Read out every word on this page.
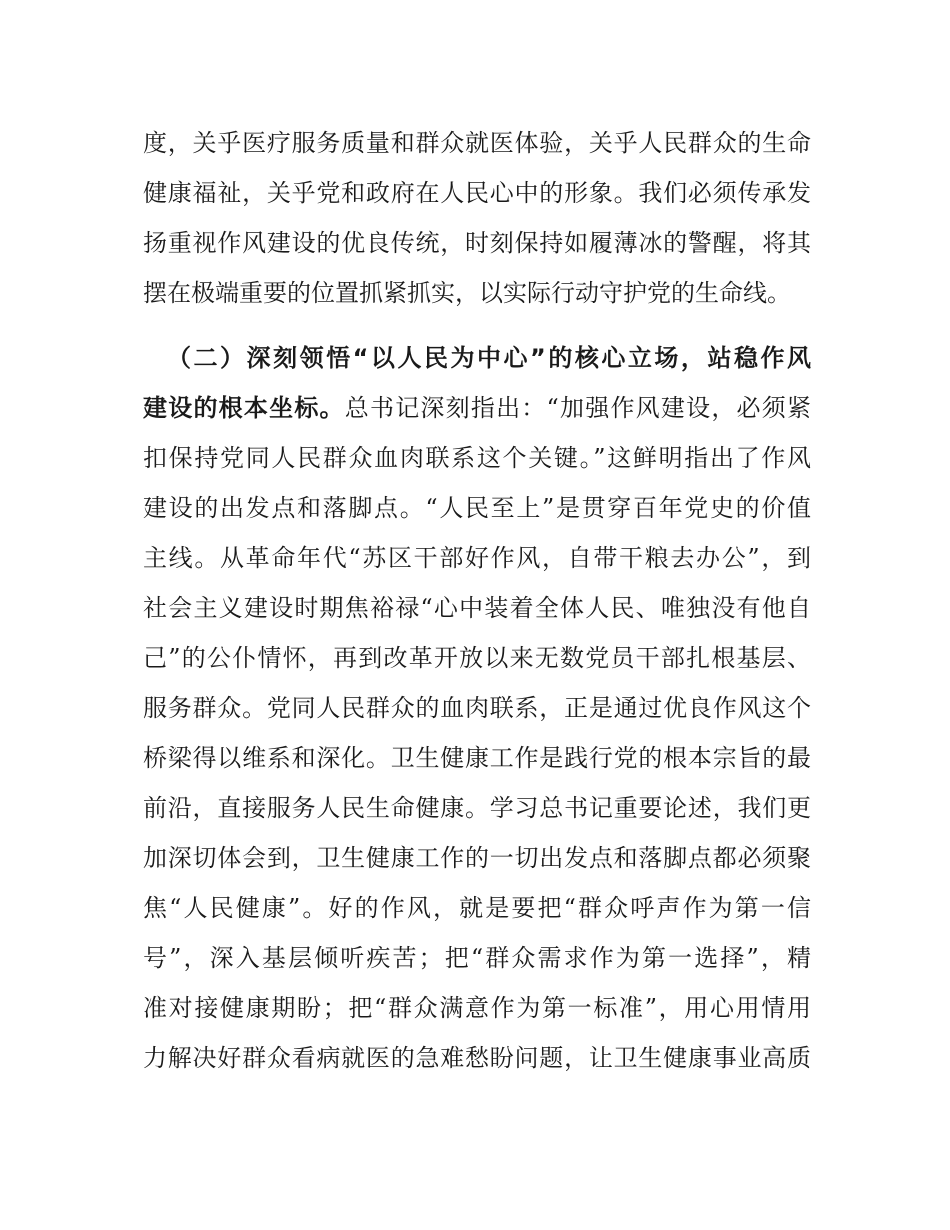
度，关乎医疗服务质量和群众就医体验，关乎人民群众的生命
健康福祉，关乎党和政府在人民心中的形象。我们必须传承发
扬重视作风建设的优良传统，时刻保持如履薄冰的警醒，将其
摆在极端重要的位置抓紧抓实，以实际行动守护党的生命线。
（二）深刻领悟“以人民为中心”的核心立场，站稳作风
建设的根本坐标。总书记深刻指出：“加强作风建设，必须紧
扣保持党同人民群众血肉联系这个关键。”这鲜明指出了作风
建设的出发点和落脚点。“人民至上”是贯穿百年党史的价值
主线。从革命年代“苏区干部好作风，自带干粮去办公”，到
社会主义建设时期焦裕禄“心中装着全体人民、唯独没有他自
己”的公仆情怀，再到改革开放以来无数党员干部扎根基层、
服务群众。党同人民群众的血肉联系，正是通过优良作风这个
桥梁得以维系和深化。卫生健康工作是践行党的根本宗旨的最
前沿，直接服务人民生命健康。学习总书记重要论述，我们更
加深切体会到，卫生健康工作的一切出发点和落脚点都必须聚
焦“人民健康”。好的作风，就是要把“群众呼声作为第一信
号”，深入基层倾听疾苦；把“群众需求作为第一选择”，精
准对接健康期盼；把“群众满意作为第一标准”，用心用情用
力解决好群众看病就医的急难愁盼问题，让卫生健康事业高质
